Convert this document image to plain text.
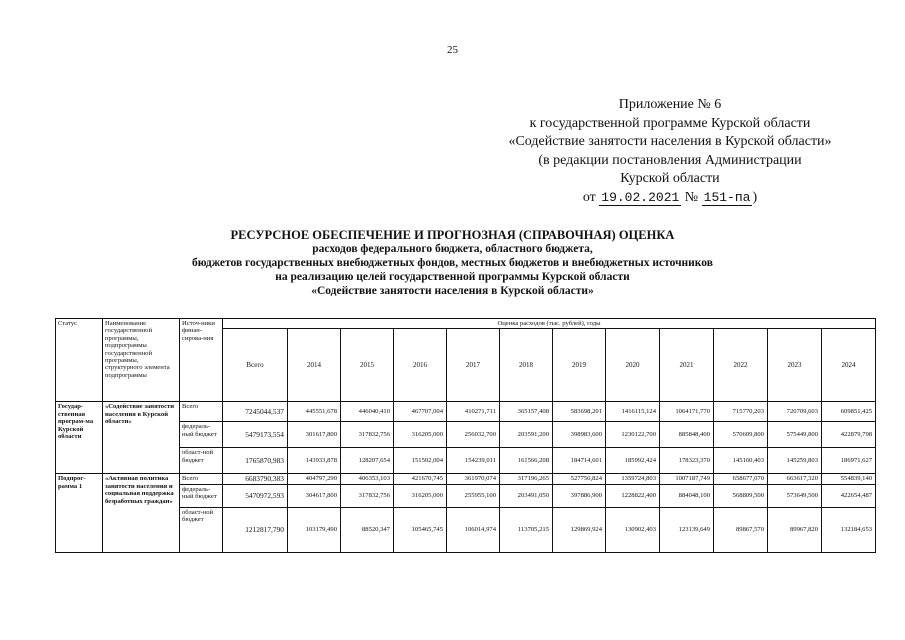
25
Приложение № 6
к государственной программе Курской области
«Содействие занятости населения в Курской области»
(в редакции постановления Администрации
Курской области
от 19.02.2021 № 151-па )
РЕСУРСНОЕ ОБЕСПЕЧЕНИЕ И ПРОГНОЗНАЯ (СПРАВОЧНАЯ) ОЦЕНКА
расходов федерального бюджета, областного бюджета,
бюджетов государственных внебюджетных фондов, местных бюджетов и внебюджетных источников
на реализацию целей государственной программы Курской области
«Содействие занятости населения в Курской области»
Статус	Наименование государственной программы, подпрограммы государственной программы, структурного элемента подпрограммы	Источ-ники финан-сирова-ния	Оценка расходов (тыс. рублей), годы											
			Всего	2014	2015	2016	2017	2018	2019	2020	2021	2022	2023	2024
Государ-ственная програм-ма Курской области	«Содействие занятости населения в Курской области»	Всего	7245044,537	445551,678	446040,410	467707,004	410271,711	365157,408	583698,201	1416115,124	1064171,770	715770,203	720709,603	609851,425
		федераль-ный бюджет	5479173,554	301617,800	317832,756	316205,000	256032,700	203591,200	398983,600	1230122,700	885848,400	570609,800	575449,800	422879,798
		област-ной бюджет	1765870,983	143933,878	128207,654	151502,004	154239,011	161566,208	184714,601	185992,424	178323,370	145160,403	145259,803	186971,627
Подпрог-рамма 1	«Активная политика занятости населения и социальная поддержка безработных граждан»	Всего	6683790,383	404797,290	406353,103	421670,745	361970,074	317196,265	527756,824	1359724,803	1007187,749	658677,070	663617,320	554839,140
		федераль-ный бюджет	5470972,593	304617,800	317832,756	316205,000	255955,100	203491,050	397886,900	1228822,400	884048,100	568809,500	573649,500	422654,487
		област-ной бюджет	1212817,790	103179,490	88520,347	105465,745	106014,974	113705,215	129869,924	130902,403	123139,649	89867,570	89967,820	132184,653
